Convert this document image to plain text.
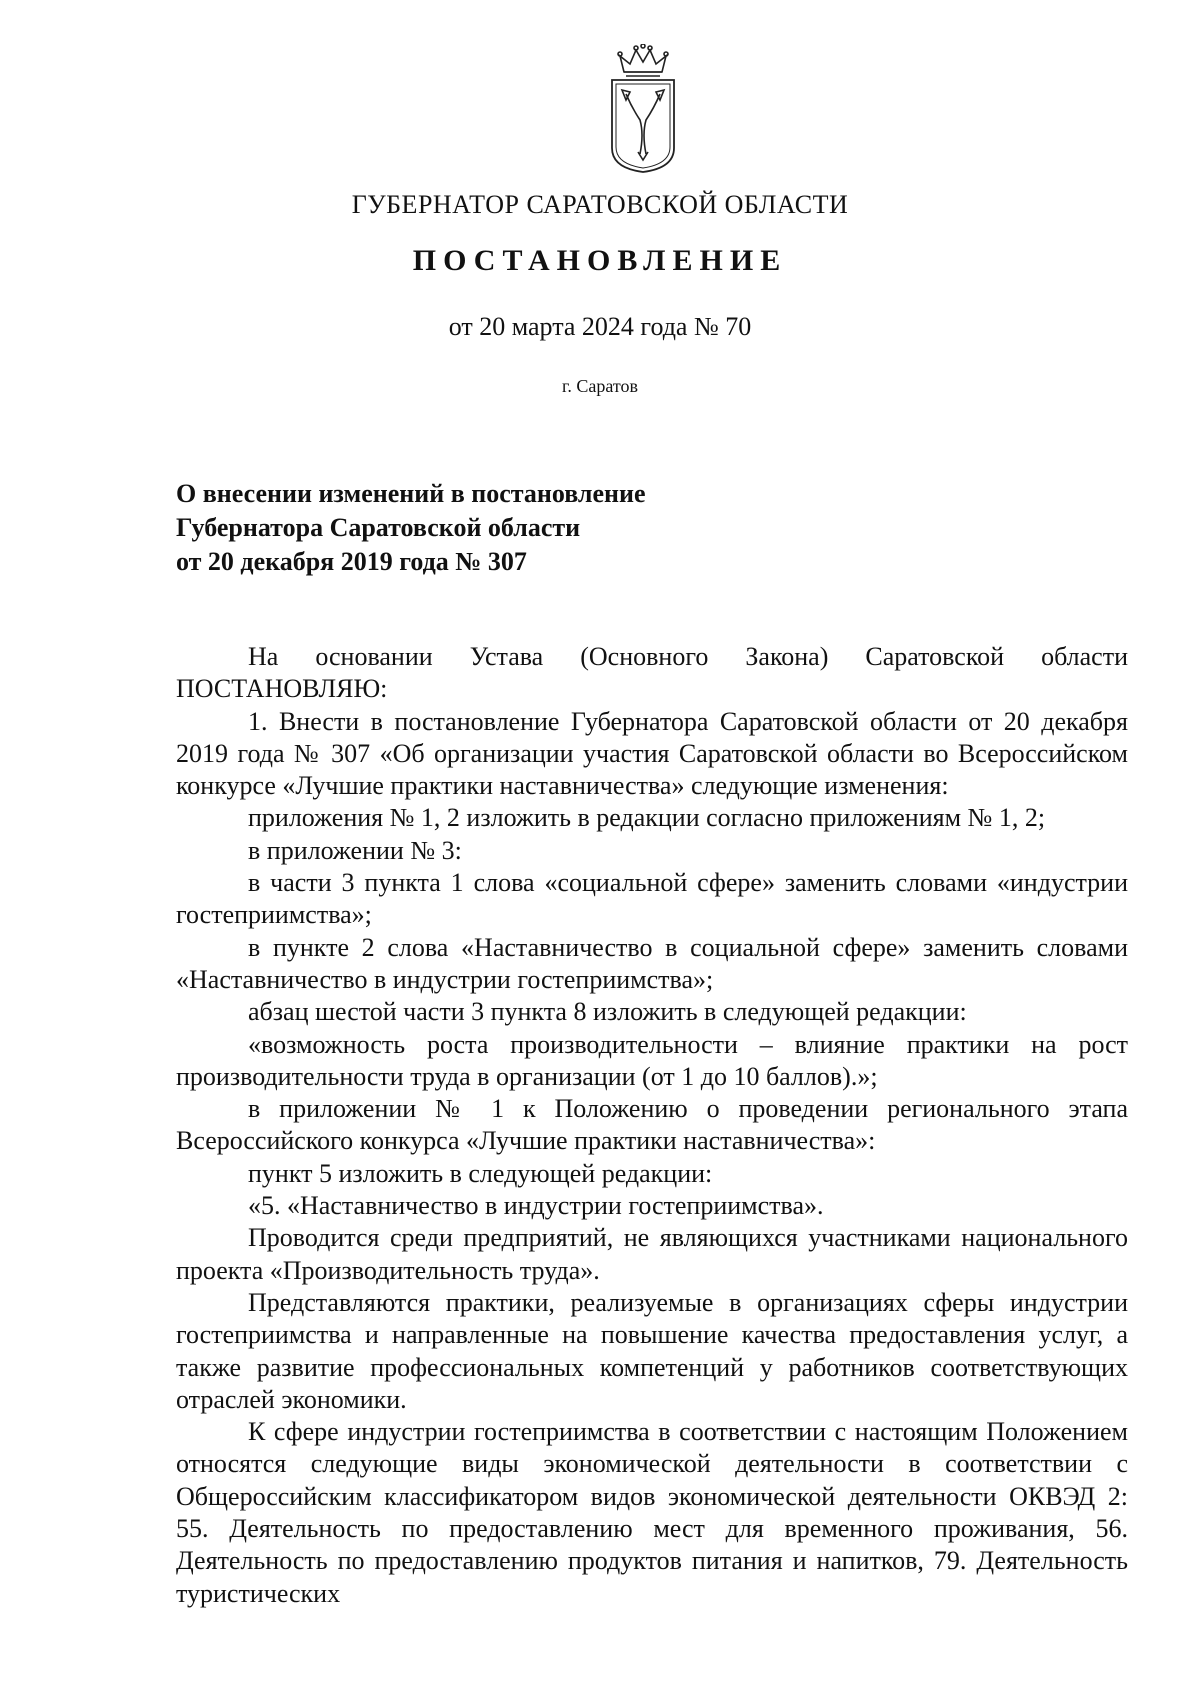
ГУБЕРНАТОР САРАТОВСКОЙ ОБЛАСТИ
ПОСТАНОВЛЕНИЕ
от 20 марта 2024 года № 70
г. Саратов
О внесении изменений в постановление
Губернатора Саратовской области
от 20 декабря 2019 года № 307

На основании Устава (Основного Закона) Саратовской области

ПОСТАНОВЛЯЮ:

1. Внести в постановление Губернатора Саратовской области от 20 декабря 2019 года № 307 «Об организации участия Саратовской области во Всероссийском конкурсе «Лучшие практики наставничества» следующие изменения:

приложения № 1, 2 изложить в редакции согласно приложениям № 1, 2;

в приложении № 3:

в части 3 пункта 1 слова «социальной сфере» заменить словами «индустрии гостеприимства»;

в пункте 2 слова «Наставничество в социальной сфере» заменить словами «Наставничество в индустрии гостеприимства»;

абзац шестой части 3 пункта 8 изложить в следующей редакции:

«возможность роста производительности – влияние практики на рост производительности труда в организации (от 1 до 10 баллов).»;

в приложении № 1 к Положению о проведении регионального этапа Всероссийского конкурса «Лучшие практики наставничества»:

пункт 5 изложить в следующей редакции:

«5. «Наставничество в индустрии гостеприимства».

Проводится среди предприятий, не являющихся участниками национального проекта «Производительность труда».

Представляются практики, реализуемые в организациях сферы индустрии гостеприимства и направленные на повышение качества предоставления услуг, а также развитие профессиональных компетенций у работников соответствующих отраслей экономики.

К сфере индустрии гостеприимства в соответствии с настоящим Положением относятся следующие виды экономической деятельности в соответствии с Общероссийским классификатором видов экономической деятельности ОКВЭД 2: 55. Деятельность по предоставлению мест для временного проживания, 56. Деятельность по предоставлению продуктов питания и напитков, 79. Деятельность туристических
